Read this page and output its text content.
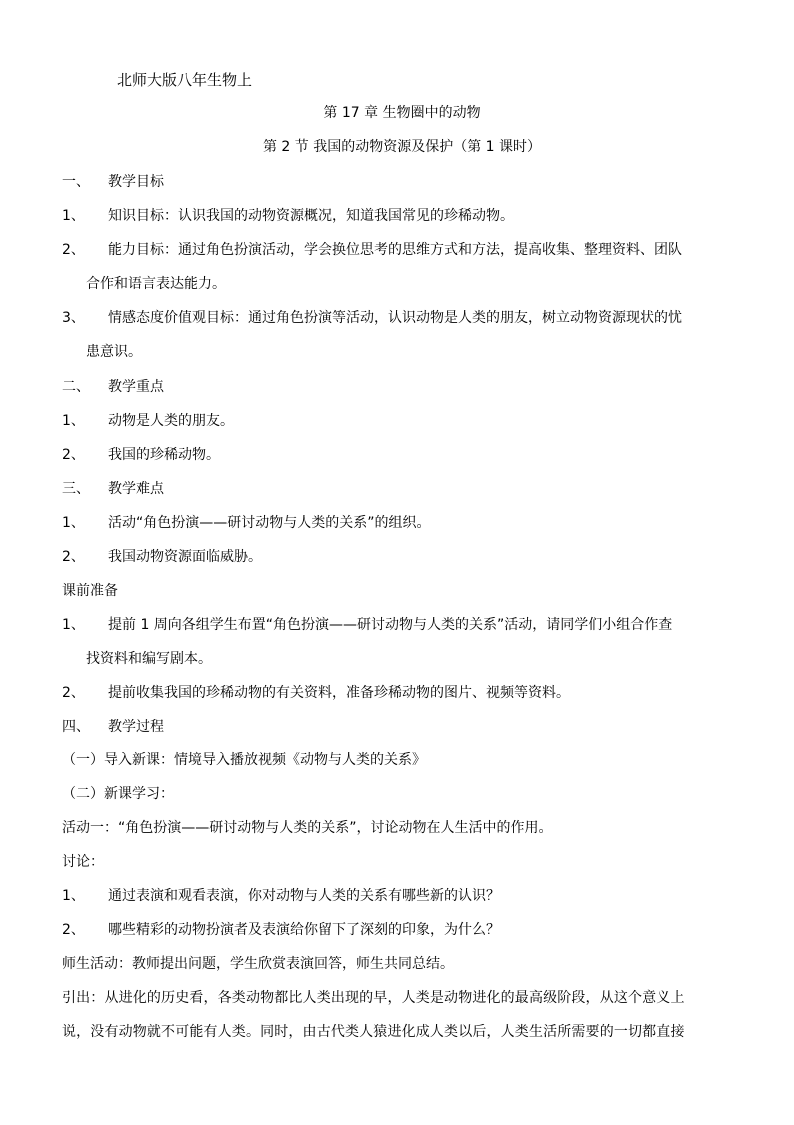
北师大版八年生物上
第 17 章 生物圈中的动物
第 2 节 我国的动物资源及保护（第 1 课时）
一、 教学目标
1、 知识目标：认识我国的动物资源概况，知道我国常见的珍稀动物。
2、 能力目标：通过角色扮演活动，学会换位思考的思维方式和方法，提高收集、整理资料、团队
合作和语言表达能力。
3、 情感态度价值观目标：通过角色扮演等活动，认识动物是人类的朋友，树立动物资源现状的忧
患意识。
二、 教学重点
1、 动物是人类的朋友。
2、 我国的珍稀动物。
三、 教学难点
1、 活动“角色扮演——研讨动物与人类的关系”的组织。
2、 我国动物资源面临威胁。
课前准备
1、 提前 1 周向各组学生布置“角色扮演——研讨动物与人类的关系”活动，请同学们小组合作查
找资料和编写剧本。
2、 提前收集我国的珍稀动物的有关资料，准备珍稀动物的图片、视频等资料。
四、 教学过程
（一）导入新课：情境导入播放视频《动物与人类的关系》
（二）新课学习：
活动一：“角色扮演——研讨动物与人类的关系”，讨论动物在人生活中的作用。
讨论：
1、 通过表演和观看表演，你对动物与人类的关系有哪些新的认识？
2、 哪些精彩的动物扮演者及表演给你留下了深刻的印象，为什么？
师生活动：教师提出问题，学生欣赏表演回答，师生共同总结。
引出：从进化的历史看，各类动物都比人类出现的早，人类是动物进化的最高级阶段，从这个意义上
说，没有动物就不可能有人类。同时，由古代类人猿进化成人类以后，人类生活所需要的一切都直接
